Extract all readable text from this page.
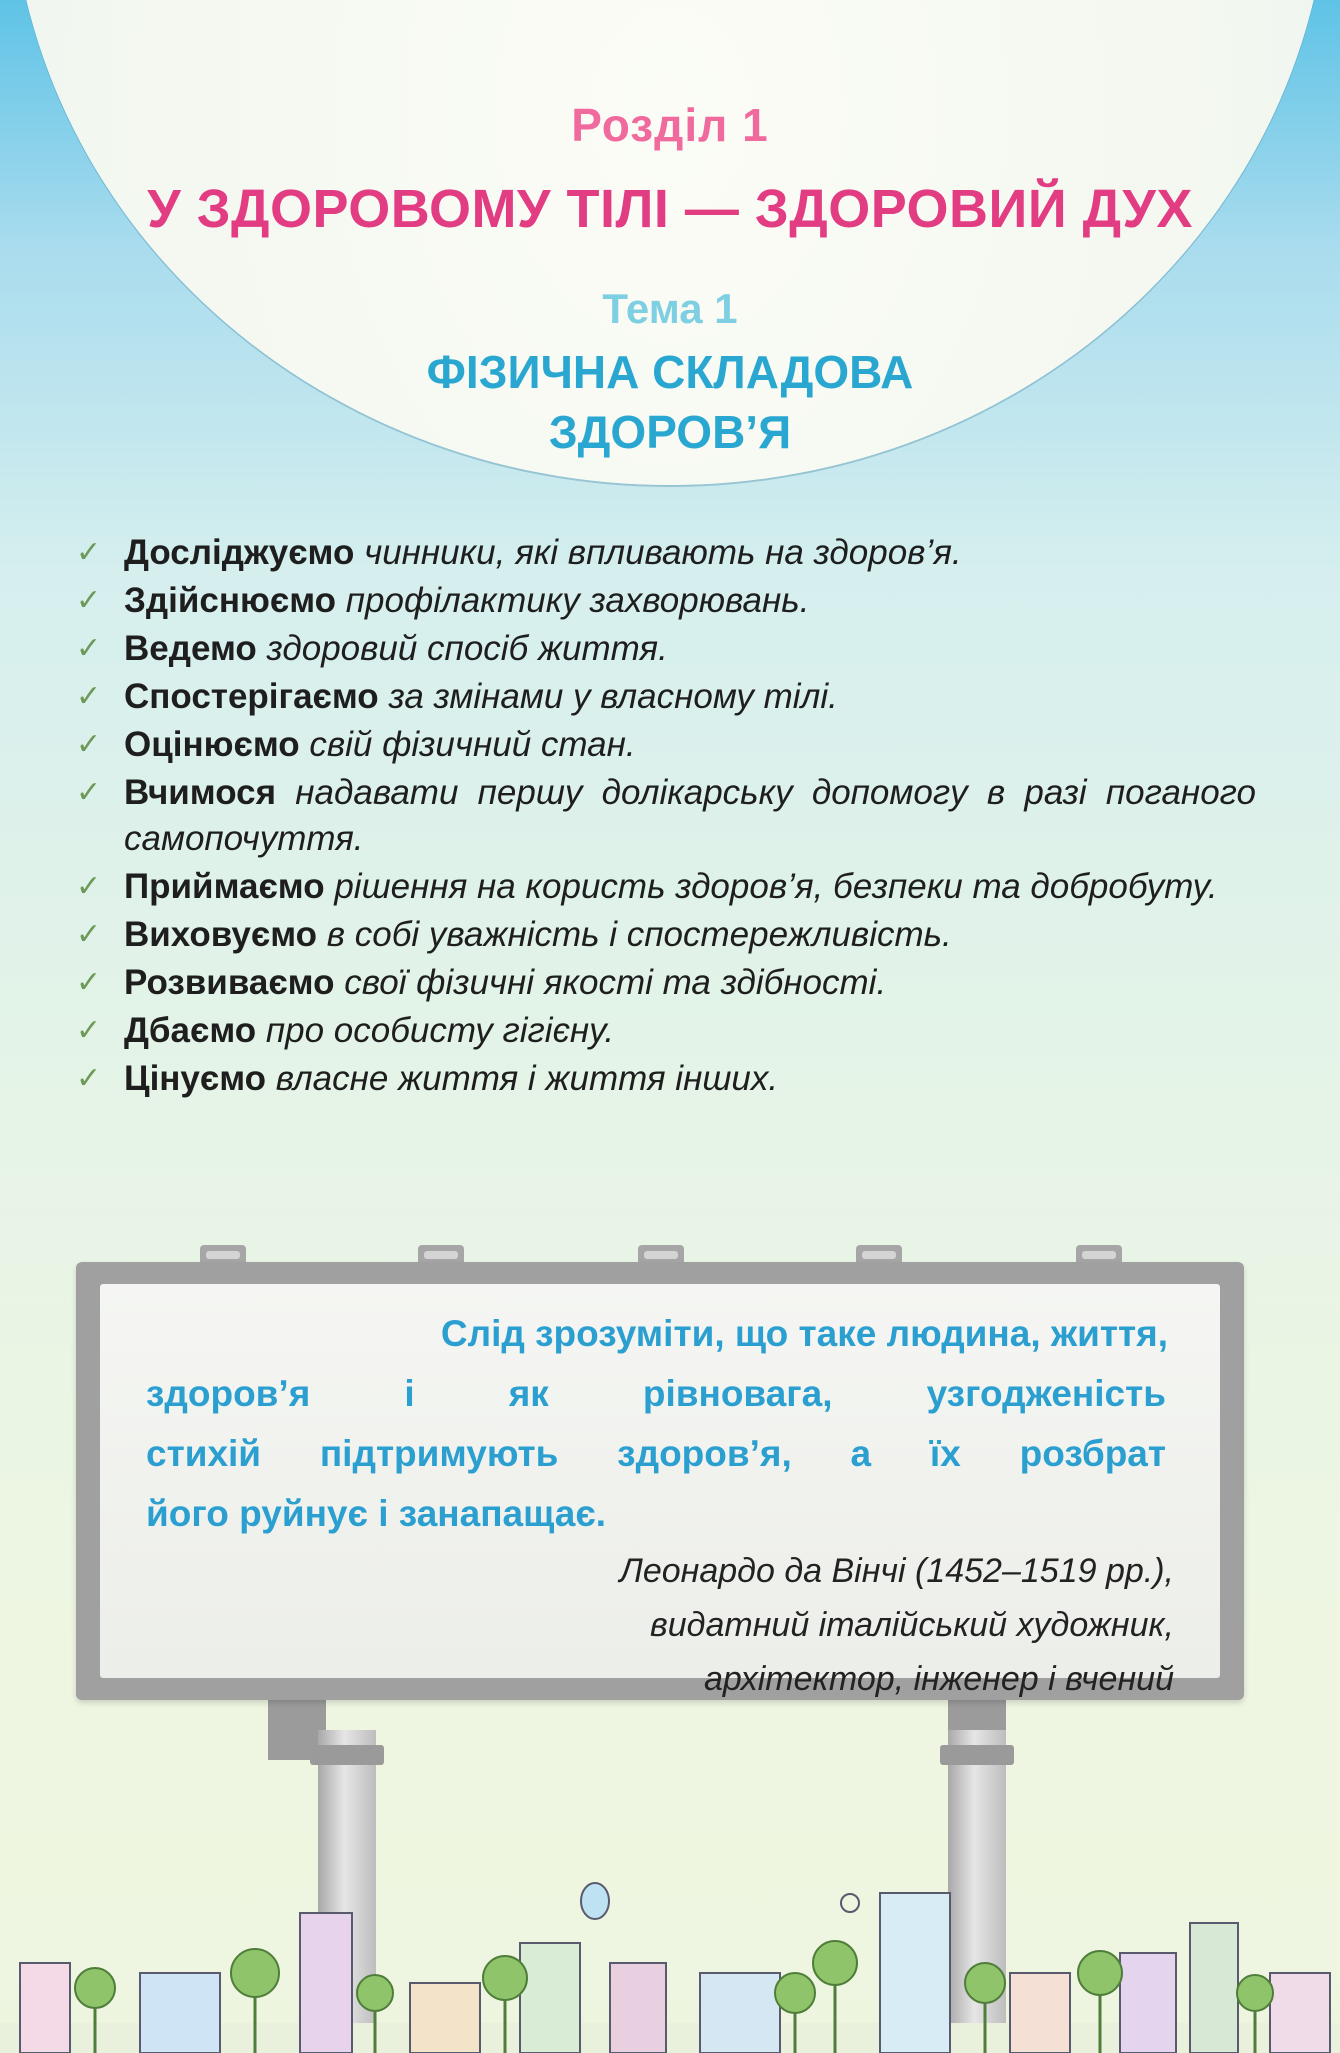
Розділ 1
У ЗДОРОВОМУ ТІЛІ — ЗДОРОВИЙ ДУХ
Тема 1
ФІЗИЧНА СКЛАДОВА
ЗДОРОВ’Я
✓ Досліджуємо чинники, які впливають на здоров’я.
✓ Здійснюємо профілактику захворювань.
✓ Ведемо здоровий спосіб життя.
✓ Спостерігаємо за змінами у власному тілі.
✓ Оцінюємо свій фізичний стан.
✓ Вчимося надавати першу долікарську допомогу в разі поганого самопочуття.
✓ Приймаємо рішення на користь здоров’я, безпеки та добробуту.
✓ Виховуємо в собі уважність і спостережливість.
✓ Розвиваємо свої фізичні якості та здібності.
✓ Дбаємо про особисту гігієну.
✓ Цінуємо власне життя і життя інших.
Слід зрозуміти, що таке людина, життя,
здоров’я і як рівновага, узгодженість
стихій підтримують здоров’я, а їх розбрат
його руйнує і занапащає.
Леонардо да Вінчі (1452–1519 рр.),
видатний італійський художник,
архітектор, інженер і вчений
